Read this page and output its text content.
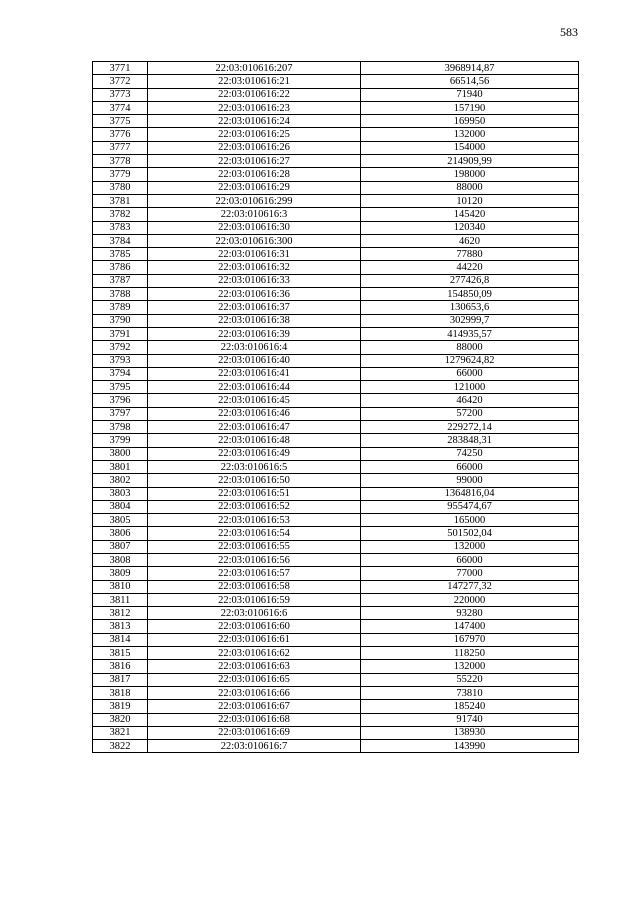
583
3771	22:03:010616:207	3968914,87
3772	22:03:010616:21	66514,56
3773	22:03:010616:22	71940
3774	22:03:010616:23	157190
3775	22:03:010616:24	169950
3776	22:03:010616:25	132000
3777	22:03:010616:26	154000
3778	22:03:010616:27	214909,99
3779	22:03:010616:28	198000
3780	22:03:010616:29	88000
3781	22:03:010616:299	10120
3782	22:03:010616:3	145420
3783	22:03:010616:30	120340
3784	22:03:010616:300	4620
3785	22:03:010616:31	77880
3786	22:03:010616:32	44220
3787	22:03:010616:33	277426,8
3788	22:03:010616:36	154850,09
3789	22:03:010616:37	130653,6
3790	22:03:010616:38	302999,7
3791	22:03:010616:39	414935,57
3792	22:03:010616:4	88000
3793	22:03:010616:40	1279624,82
3794	22:03:010616:41	66000
3795	22:03:010616:44	121000
3796	22:03:010616:45	46420
3797	22:03:010616:46	57200
3798	22:03:010616:47	229272,14
3799	22:03:010616:48	283848,31
3800	22:03:010616:49	74250
3801	22:03:010616:5	66000
3802	22:03:010616:50	99000
3803	22:03:010616:51	1364816,04
3804	22:03:010616:52	955474,67
3805	22:03:010616:53	165000
3806	22:03:010616:54	501502,04
3807	22:03:010616:55	132000
3808	22:03:010616:56	66000
3809	22:03:010616:57	77000
3810	22:03:010616:58	147277,32
3811	22:03:010616:59	220000
3812	22:03:010616:6	93280
3813	22:03:010616:60	147400
3814	22:03:010616:61	167970
3815	22:03:010616:62	118250
3816	22:03:010616:63	132000
3817	22:03:010616:65	55220
3818	22:03:010616:66	73810
3819	22:03:010616:67	185240
3820	22:03:010616:68	91740
3821	22:03:010616:69	138930
3822	22:03:010616:7	143990
